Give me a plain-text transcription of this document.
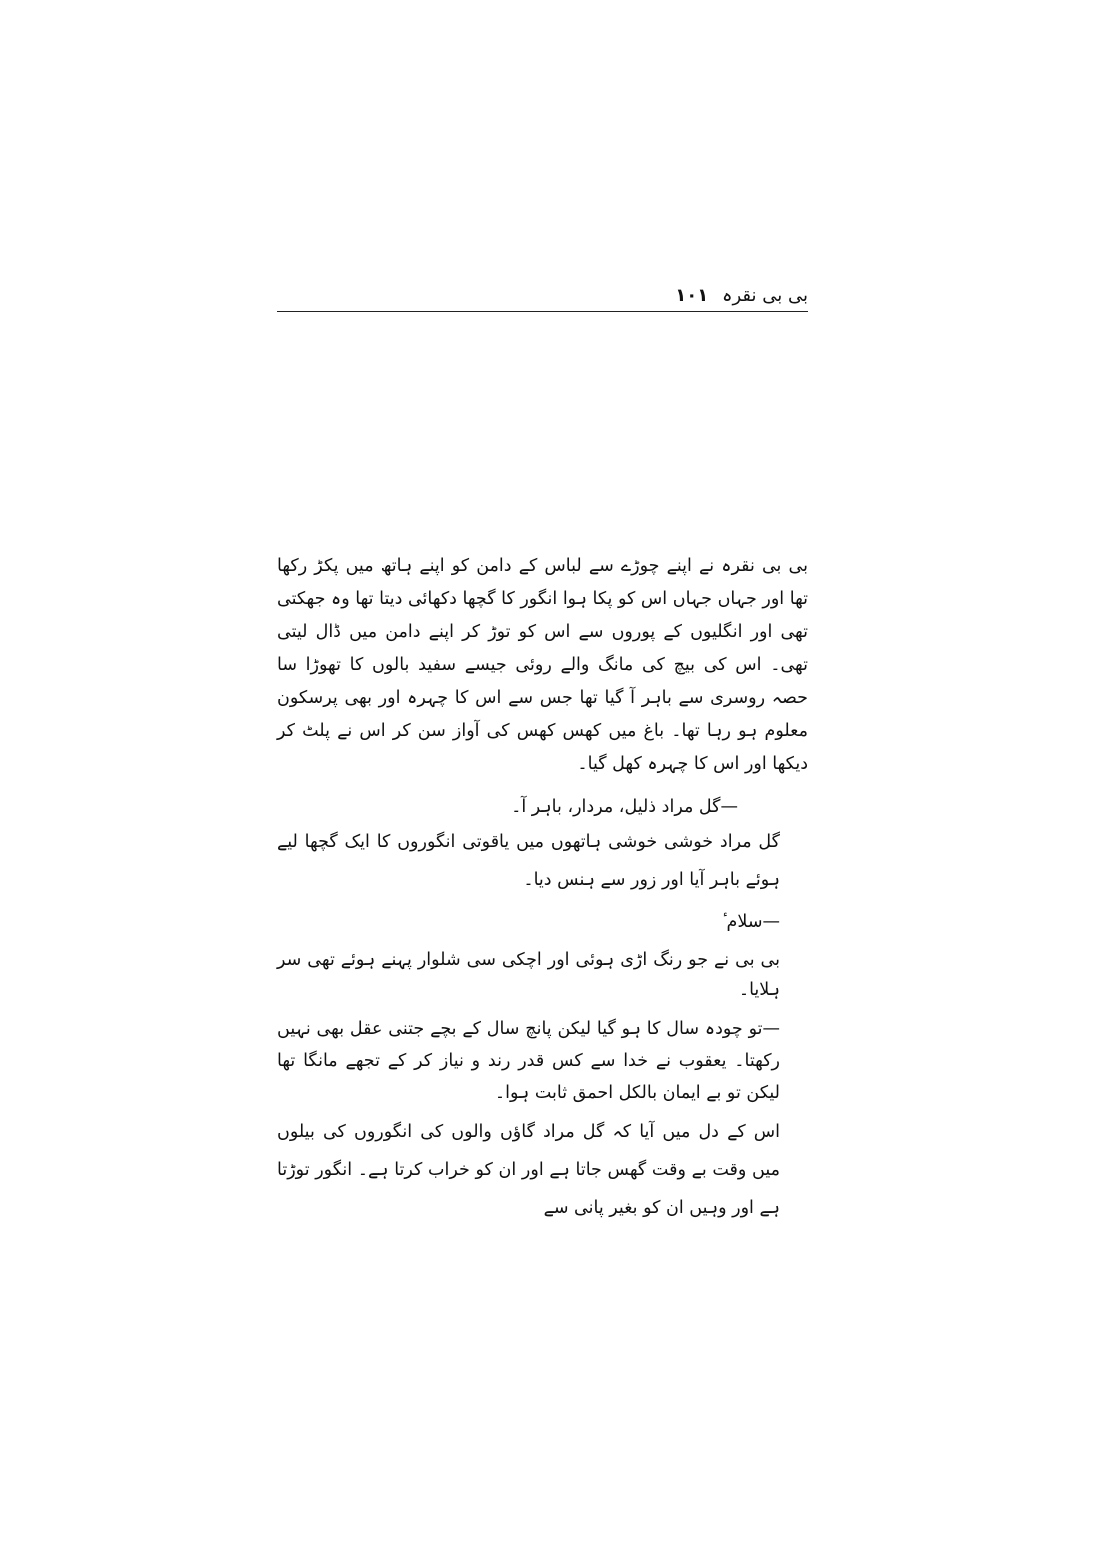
بی بی نقرہ ۱۰۱

بی بی نقرہ نے اپنے چوڑے سے لباس کے دامن کو اپنے ہاتھ میں پکڑ رکھا تھا اور جہاں جہاں اس کو پکا ہوا انگور کا گچھا دکھائی دیتا تھا وہ جھکتی تھی اور انگلیوں کے پوروں سے اس کو توڑ کر اپنے دامن میں ڈال لیتی تھی۔ اس کی بیچ کی مانگ والے روئی جیسے سفید بالوں کا تھوڑا سا حصہ روسری سے باہر آ گیا تھا جس سے اس کا چہرہ اور بھی پرسکون معلوم ہو رہا تھا۔ باغ میں کھس کھس کی آواز سن کر اس نے پلٹ کر دیکھا اور اس کا چہرہ کھل گیا۔

—گل مراد ذلیل، مردار، باہر آ۔

گل مراد خوشی خوشی ہاتھوں میں یاقوتی انگوروں کا ایک گچھا لیے ہوئے باہر آیا اور زور سے ہنس دیا۔

—سلام ٔ

بی بی نے جو رنگ اڑی ہوئی اور اچکی سی شلوار پہنے ہوئے تھی سر ہلایا۔

—تو چودہ سال کا ہو گیا لیکن پانچ سال کے بچے جتنی عقل بھی نہیں رکھتا۔ یعقوب نے خدا سے کس قدر رند و نیاز کر کے تجھے مانگا تھا لیکن تو بے ایمان بالکل احمق ثابت ہوا۔

اس کے دل میں آیا کہ گل مراد گاؤں والوں کی انگوروں کی بیلوں میں وقت بے وقت گھس جاتا ہے اور ان کو خراب کرتا ہے۔ انگور توڑتا ہے اور وہیں ان کو بغیر پانی سے
